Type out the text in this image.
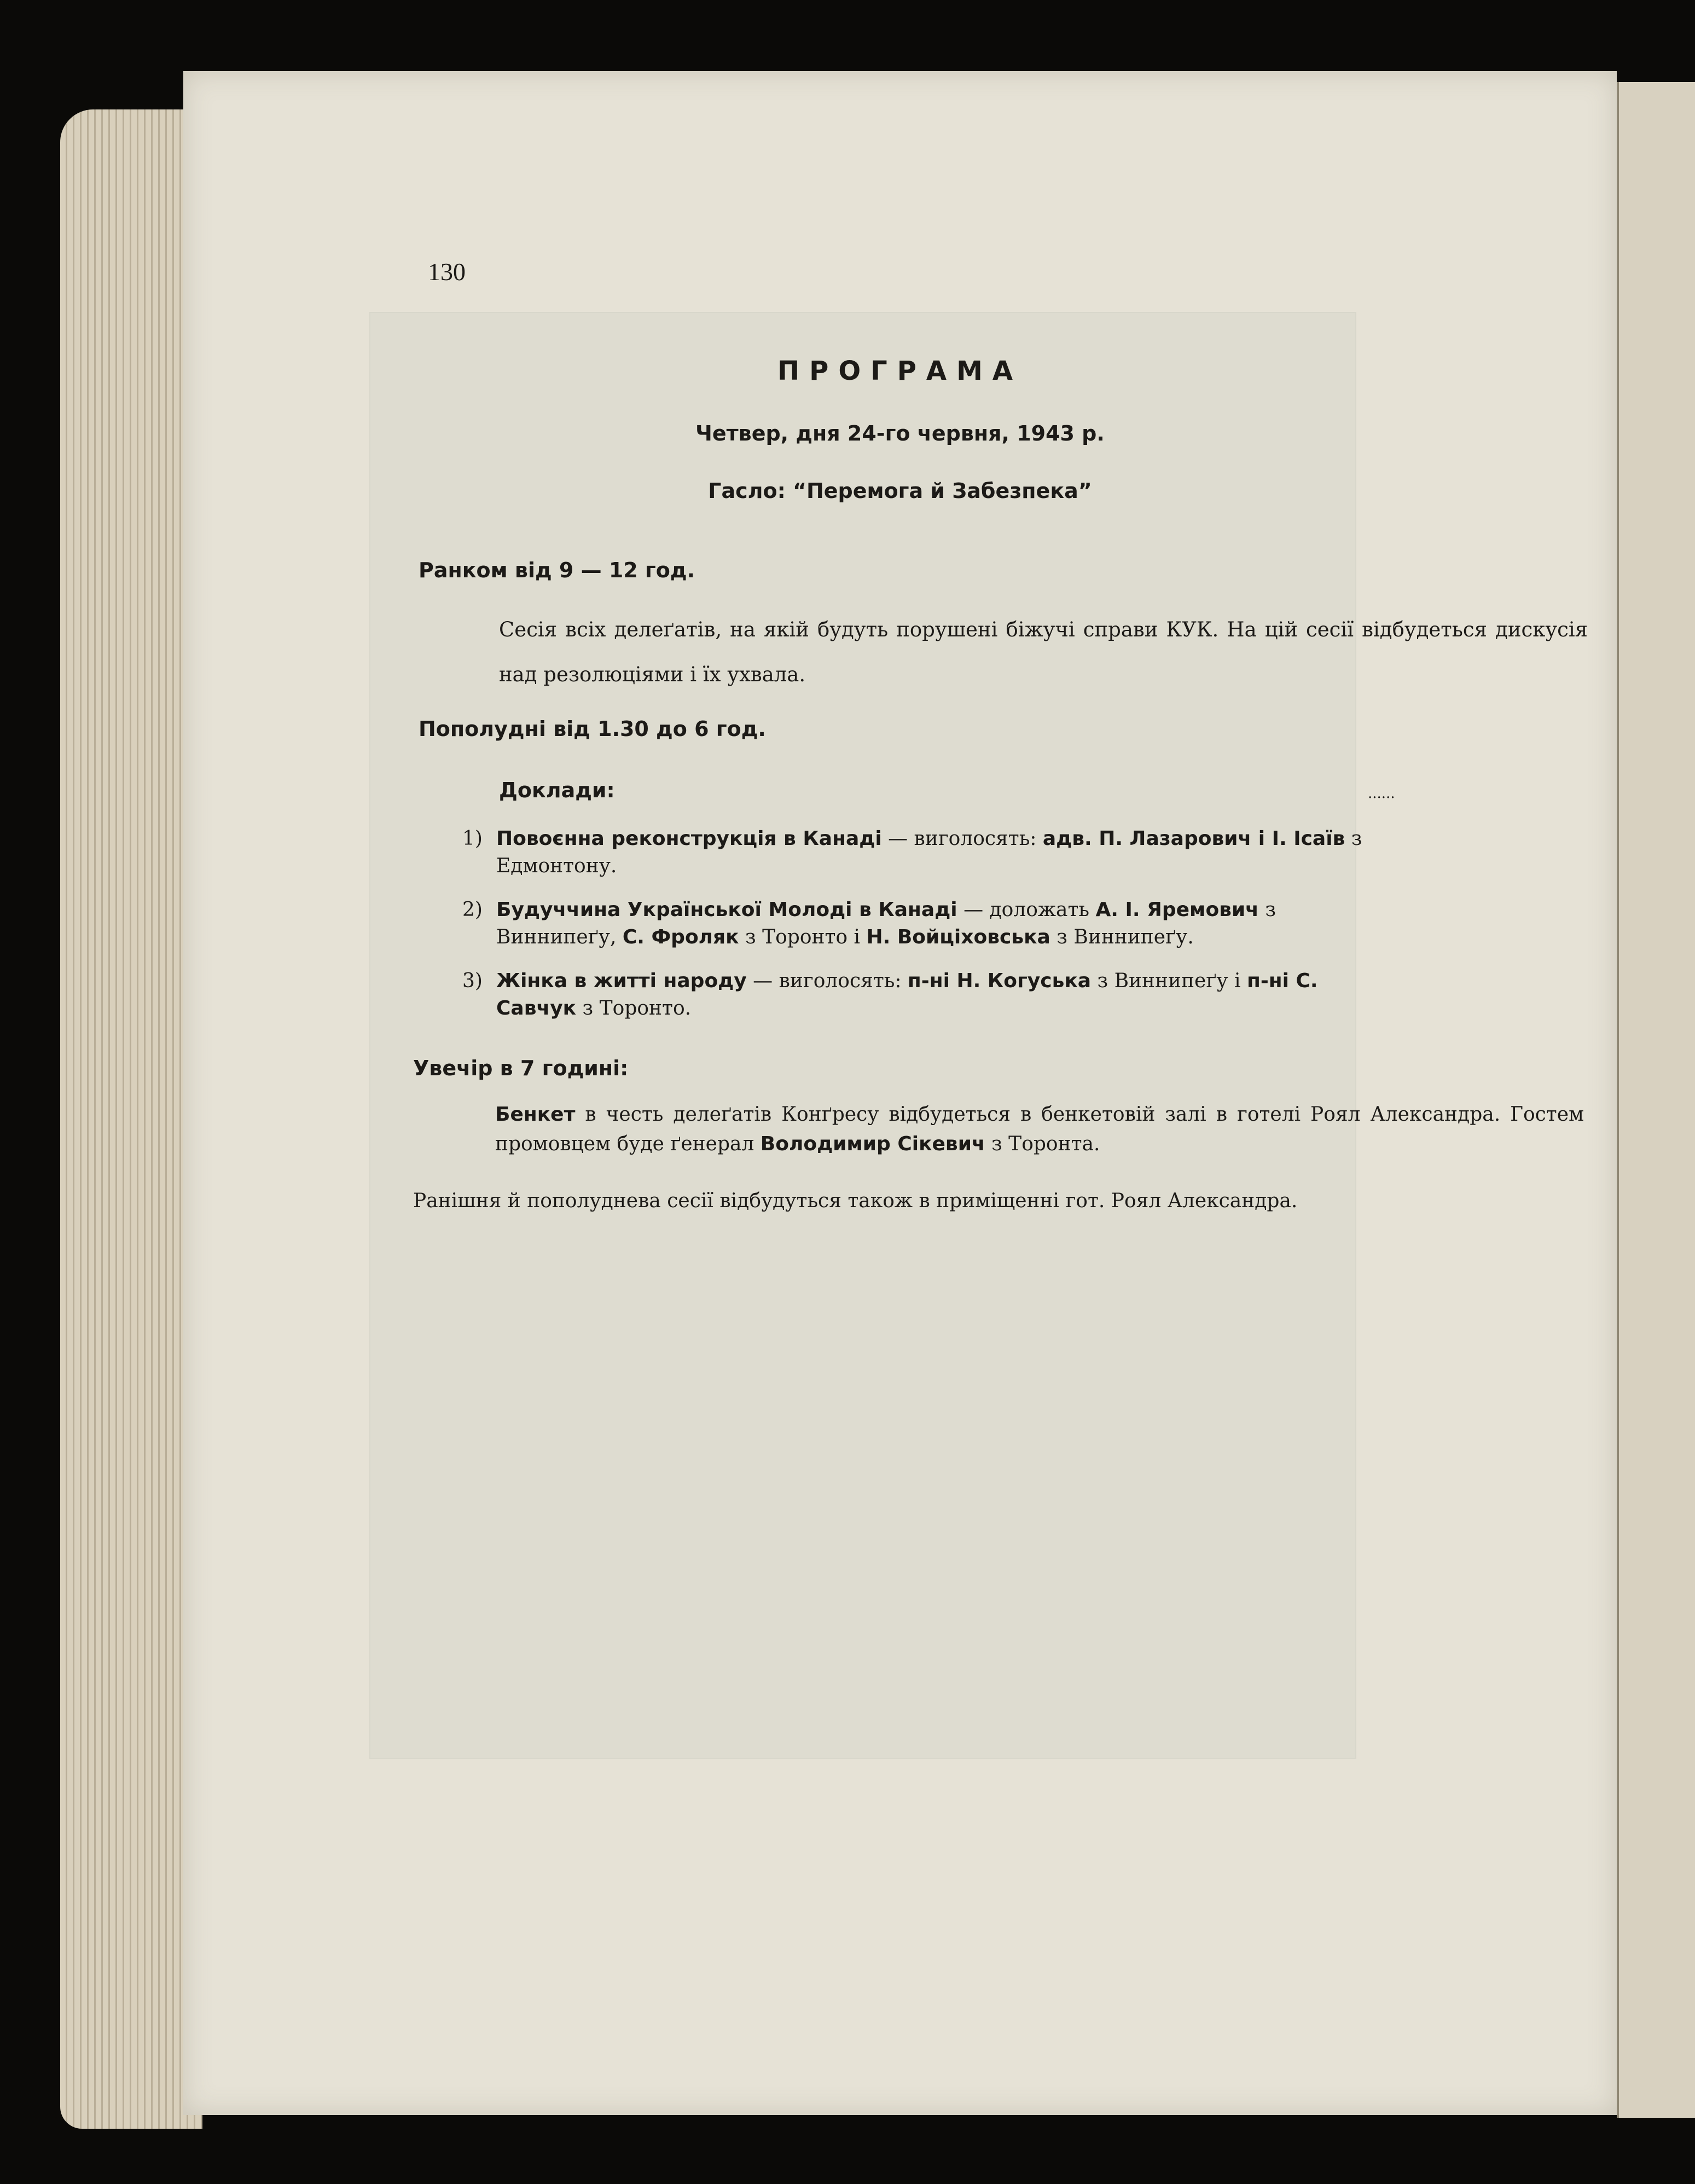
130
ПРОГРАМА
Четвер, дня 24-го червня, 1943 р.
Гасло: “Перемога й Забезпека”
Ранком від 9 — 12 год.
Сесія всіх делеґатів, на якій будуть порушені біжучі справи КУК. На цій сесії відбудеться дискусія над резолюціями і їх ухвала.
Пополудні від 1.30 до 6 год.
Доклади:	......
1) Повоєнна реконструкція в Канаді — виголосять: адв. П. Лазарович і І. Ісаїв з Едмонтону.
2) Будуччина Української Молоді в Канаді — доложать А. І. Яремович з Виннипеґу, С. Фроляк з Торонто і Н. Войціховська з Виннипеґу.
3) Жінка в житті народу — виголосять: п-ні Н. Когуська з Виннипеґу і п-ні С. Савчук з Торонто.
Увечір в 7 годині:
Бенкет в честь делеґатів Конґресу відбудеться в бенкетовій залі в готелі Роял Александра. Гостем промовцем буде ґенерал Володимир Сікевич з Торонта.
Ранішня й пополуднева сесії відбудуться також в приміщенні гот. Роял Александра.
